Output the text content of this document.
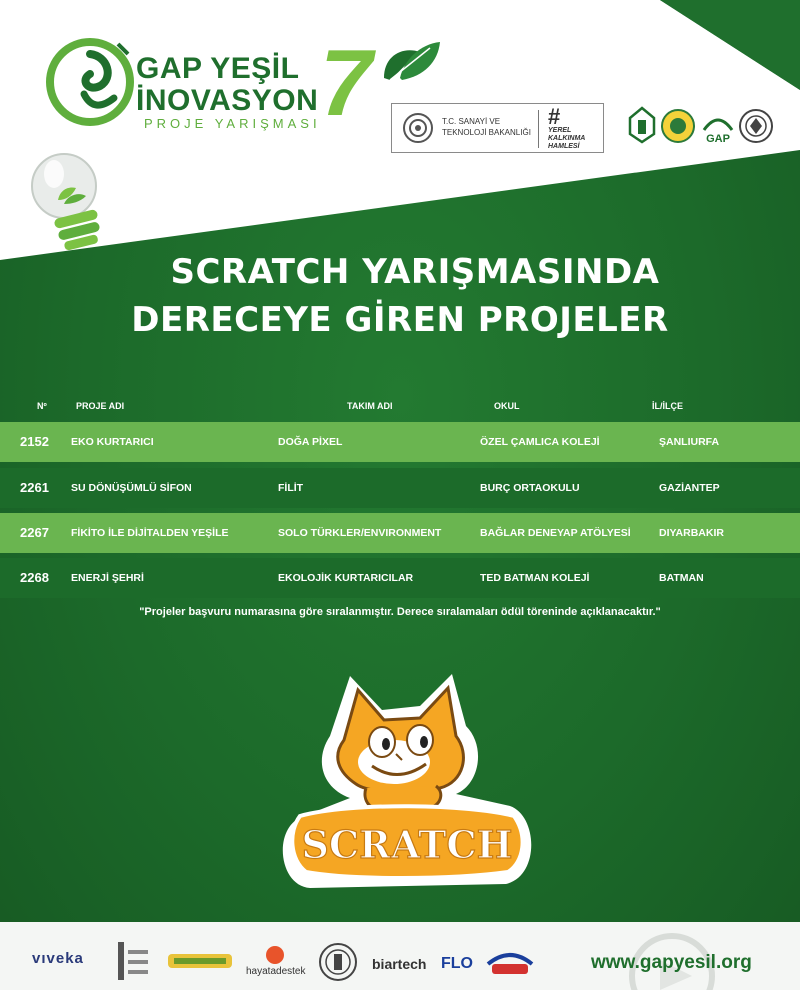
GAP YEŞİL
İNOVASYON
PROJE YARIŞMASI 7	T.C. SANAYİ VE
TEKNOLOJİ BAKANLIĞI
#
YEREL
KALKINMA
HAMLESİ
GAP
SCRATCH YARIŞMASINDA
DERECEYE GİREN PROJELER
Nº	PROJE ADI	TAKIM ADI	OKUL	İL/İLÇE
2152 EKO KURTARICI	DOĞA PİXEL	ÖZEL ÇAMLICA KOLEJİ	ŞANLIURFA
2261 SU DÖNÜŞÜMLÜ SİFON	FİLİT	BURÇ ORTAOKULU	GAZİANTEP
2267 FİKİTO İLE DİJİTALDEN YEŞİLE	SOLO TÜRKLER/ENVIRONMENT	BAĞLAR DENEYAP ATÖLYESİ	DIYARBAKIR
2268 ENERJİ ŞEHRİ	EKOLOJİK KURTARICILAR	TED BATMAN KOLEJİ	BATMAN
"Projeler başvuru numarasına göre sıralanmıştır. Derece sıralamaları ödül töreninde açıklanacaktır."
SCRATCH
vıveka
hayatadestek	biartech FLO	www.gapyesil.org
